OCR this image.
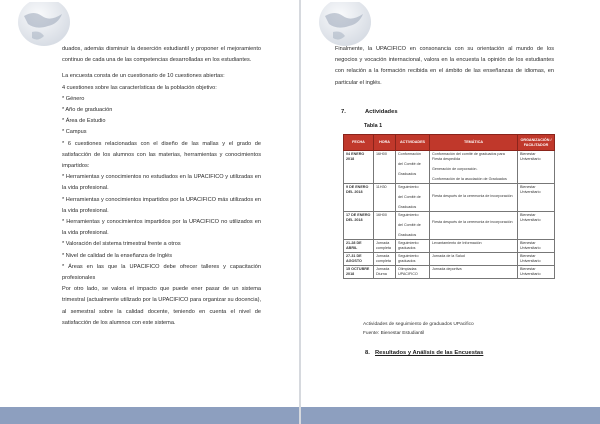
duados, además disminuir la deserción estudiantil y proponer el mejoramiento continuo de cada una de las competencias desarrolladas en los estudiantes.

La encuesta consta de un cuestionario de 10 cuestiones abiertas:

4 cuestiones sobre las características de la población objetivo:

* Género

* Año de graduación

* Área de Estudio

* Campus

* 6 cuestiones relacionadas con el diseño de las mallas y el grado de satisfacción de los alumnos con las materias, herramientas y conocimientos impartidos:

* Herramientas y conocimientos no estudiados en la UPACIFICO y utilizadas en la vida profesional.

* Herramientas y conocimientos impartidos por la UPACIFICO más utilizados en la vida profesional.

* Herramientas y conocimientos impartidos por la UPACIFICO no utilizados en la vida profesional.

* Valoración del sistema trimestral frente a otros

* Nivel de calidad de la enseñanza de Inglés

* Áreas en las que la UPACIFICO debe ofrecer talleres y capacitación profesionales

Por otro lado, se valora el impacto que puede ener pasar de un sistema trimestral (actualmente utilizado por la UPACIFICO para organizar su docencia), al semestral sobre la calidad docente, teniendo en cuenta el nivel de satisfacción de los alumnos con este sistema.

Finalmente, la UPACIFICO en consonancia con su orientación al mundo de los negocios y vocación internacional, valora en la encuesta la opinión de los estudiantes con relación a la formación recibida en el ámbito de las enseñanzas de idiomas, en particular el inglés.

7.	Actividades
Tabla 1
FECHA	HORA	ACTIVIDADES	TEMÁTICA	ORGANIZACIÓN / FACILITADOR
04 ENERO 2018	16H00	Conformación

del Comité de

Graduados	Conformación del comité de graduados para Fiesta despedida

Generación de corporación.

Conformación de la asociación de Graduados	Bienestar Universitario
9 DE ENERO DEL 2018	11H30	Seguimiento

del Comité de

Graduados	Fiesta después de la ceremonia de incorporación	Bienestar Universitario
17 DE ENERO DEL 2018	16H00	Seguimiento

del Comité de

Graduados	Fiesta después de la ceremonia de incorporación	Bienestar Universitario
21-28 DE ABRIL	Jornada completa	Seguimiento graduados	Levantamiento de Información	Bienestar Universitario
27-31 DE AGOSTO	Jornada completa	Seguimiento graduados	Jornada de la Salud	Bienestar Universitario
15 OCTUBRE 2018	Jornada Diurna	Olimpiadas UPACIFICO	Jornada deportiva	Bienestar Universitario
Actividades de seguimiento de graduados UPacifico
Fuente: Bienestar Estudiantil
8. Resultados y Análisis de las Encuestas
